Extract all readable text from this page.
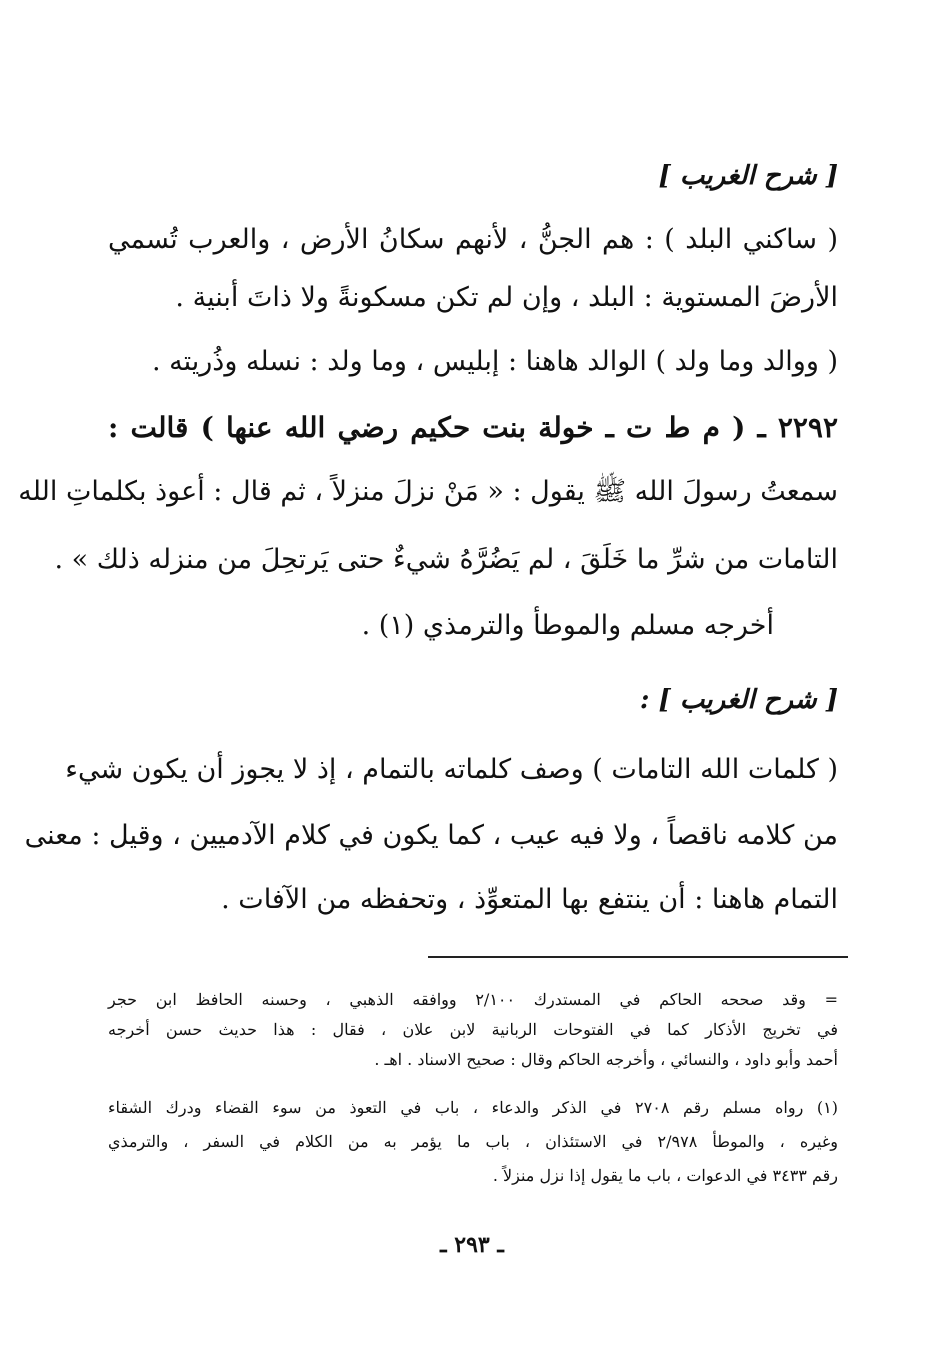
[ شرح الغريب ]
( ساكني البلد ) : هم الجنُّ ، لأنهم سكانُ الأرض ، والعرب تُسمي
الأرضَ المستوية : البلد ، وإن لم تكن مسكونةً ولا ذاتَ أبنية .
( ووالد وما ولد ) الوالد هاهنا : إبليس ، وما ولد : نسله وذُريته .
٢٢٩٢ ـ ( م ط ت ـ خولة بنت حكيم رضي الله عنها ) قالت :
سمعتُ رسولَ الله ﷺ يقول : « مَنْ نزلَ منزلاً ، ثم قال : أعوذ بكلماتِ الله
التامات من شرِّ ما خَلَقَ ، لم يَضُرَّهُ شيءٌ حتى يَرتحِلَ من منزله ذلك » .
أخرجه مسلم والموطأ والترمذي (١) .
[ شرح الغريب ] :
( كلمات الله التامات ) وصف كلماته بالتمام ، إذ لا يجوز أن يكون شيء
من كلامه ناقصاً ، ولا فيه عيب ، كما يكون في كلام الآدميين ، وقيل : معنى
التمام هاهنا : أن ينتفع بها المتعوِّذ ، وتحفظه من الآفات .
= وقد صححه الحاكم في المستدرك ٢/١٠٠ ووافقه الذهبي ، وحسنه الحافظ ابن حجر
في تخريج الأذكار كما في الفتوحات الربانية لابن علان ، فقال : هذا حديث حسن أخرجه
أحمد وأبو داود ، والنسائي ، وأخرجه الحاكم وقال : صحيح الاسناد . اهـ .
(١) رواه مسلم رقم ٢٧٠٨ في الذكر والدعاء ، باب في التعوذ من سوء القضاء ودرك الشقاء
وغيره ، والموطأ ٢/٩٧٨ في الاستئذان ، باب ما يؤمر به من الكلام في السفر ، والترمذي
رقم ٣٤٣٣ في الدعوات ، باب ما يقول إذا نزل منزلاً .
ـ ٢٩٣ ـ
